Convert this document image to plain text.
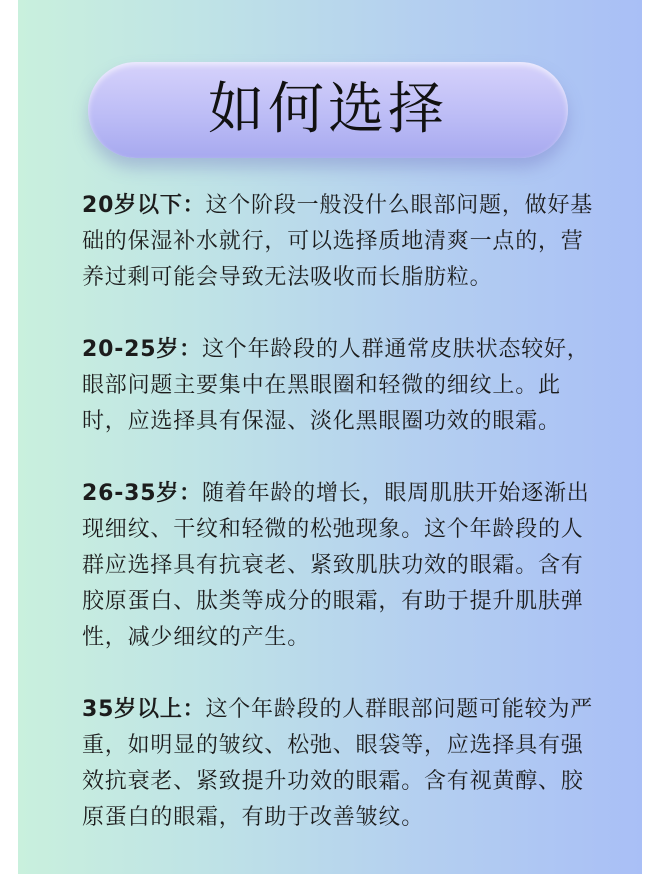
如何选择

20岁以下：这个阶段一般没什么眼部问题，做好基础的保湿补水就行，可以选择质地清爽一点的，营养过剩可能会导致无法吸收而长脂肪粒。

20-25岁：这个年龄段的人群通常皮肤状态较好，眼部问题主要集中在黑眼圈和轻微的细纹上。此时，应选择具有保湿、淡化黑眼圈功效的眼霜。

26-35岁：随着年龄的增长，眼周肌肤开始逐渐出现细纹、干纹和轻微的松弛现象。这个年龄段的人群应选择具有抗衰老、紧致肌肤功效的眼霜。含有胶原蛋白、肽类等成分的眼霜，有助于提升肌肤弹性，减少细纹的产生。

35岁以上：这个年龄段的人群眼部问题可能较为严重，如明显的皱纹、松弛、眼袋等，应选择具有强效抗衰老、紧致提升功效的眼霜。含有视黄醇、胶原蛋白的眼霜，有助于改善皱纹。
